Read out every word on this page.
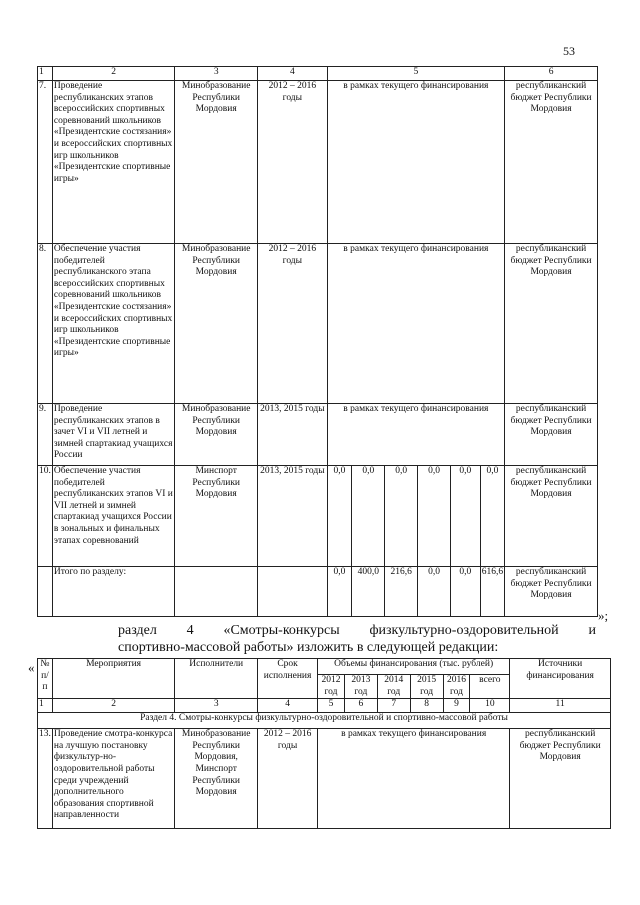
53
1	2	3	4	5						6
7.	Проведение республиканских этапов всероссийских спортивных соревнований школьников «Президентские состязания» и всероссийских спортивных игр школьников «Президентские спортивные игры»	Минобразование Республики Мордовия	2012 – 2016 годы	в рамках текущего финансирования						республиканский бюджет Республики Мордовия
8.	Обеспечение участия победителей республиканского этапа всероссийских спортивных соревнований школьников «Президентские состязания» и всероссийских спортивных игр школьников «Президентские спортивные игры»	Минобразование Республики Мордовия	2012 – 2016 годы	в рамках текущего финансирования						республиканский бюджет Республики Мордовия
9.	Проведение республиканских этапов в зачет VI и VII летней и зимней спартакиад учащихся России	Минобразование Республики Мордовия	2013, 2015 годы	в рамках текущего финансирования						республиканский бюджет Республики Мордовия
10.	Обеспечение участия победителей республиканских этапов VI и VII летней и зимней спартакиад учащихся России в зональных и финальных этапах соревнований	Минспорт Республики Мордовия	2013, 2015 годы	0,0	0,0	0,0	0,0	0,0	0,0	республиканский бюджет Республики Мордовия
	Итого по разделу:			0,0	400,0	216,6	0,0	0,0	616,6	республиканский бюджет Республики Мордовия
»;
раздел 4 «Смотры-конкурсы физкультурно-оздоровительной и
спортивно-массовой работы» изложить в следующей редакции:
« № п/п	Мероприятия	Исполнители	Срок исполнения	Объемы финансирования (тыс. рублей)						Источники финансирования
				2012 год	2013 год	2014 год	2015 год	2016 год	всего	
1	2	3	4	5	6	7	8	9	10	11
Раздел 4. Смотры-конкурсы физкультурно-оздоровительной и спортивно-массовой работы										
13.	Проведение смотра-конкурса на лучшую постановку физкультур-но-оздоровительной работы среди учреждений дополнительного образования спортивной направленности	Минобразование Республики Мордовия, Минспорт Республики Мордовия	2012 – 2016 годы	в рамках текущего финансирования						республиканский бюджет Республики Мордовия
